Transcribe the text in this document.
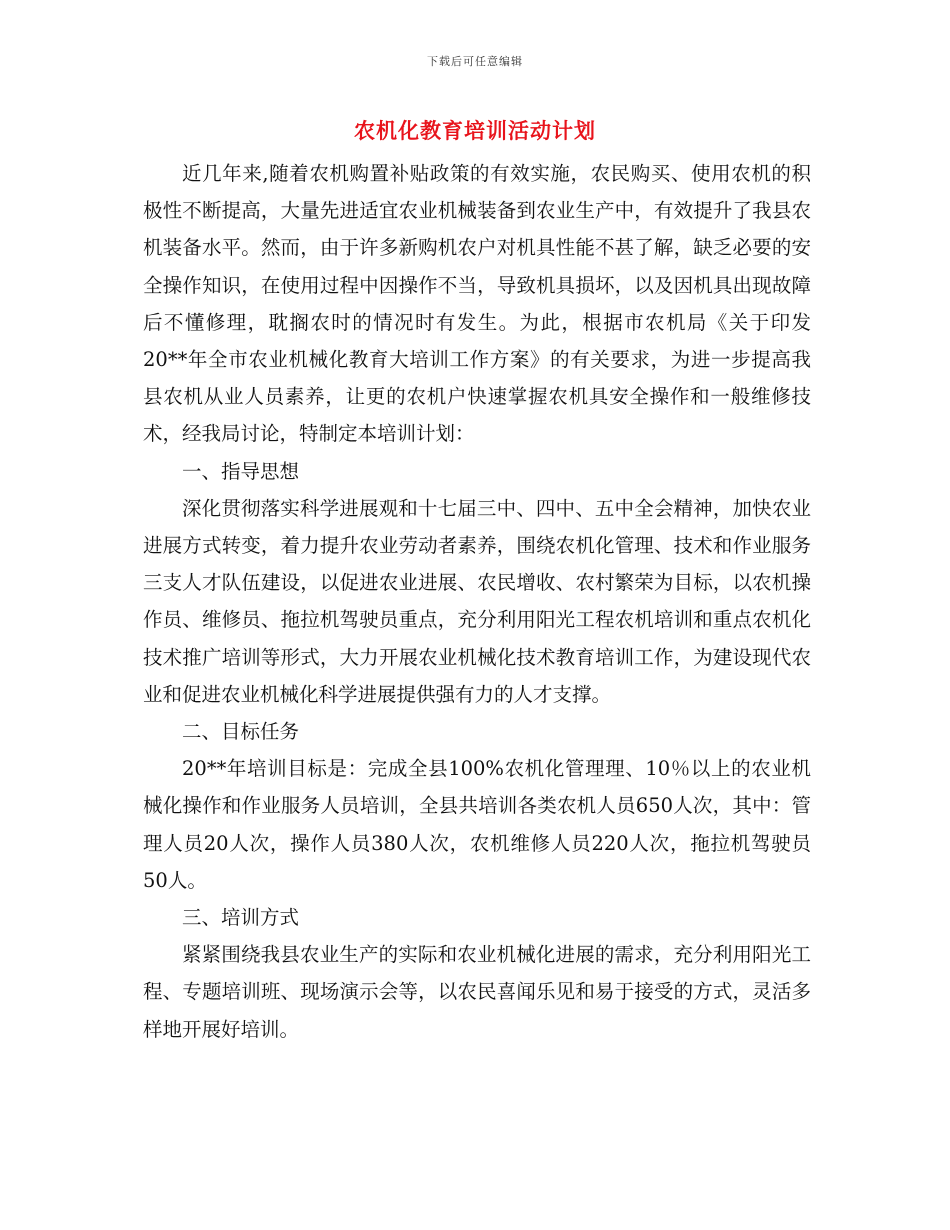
下载后可任意编辑
农机化教育培训活动计划

近几年来,随着农机购置补贴政策的有效实施，农民购买、使用农机的积极性不断提高，大量先进适宜农业机械装备到农业生产中，有效提升了我县农机装备水平。然而，由于许多新购机农户对机具性能不甚了解，缺乏必要的安全操作知识，在使用过程中因操作不当，导致机具损坏，以及因机具出现故障后不懂修理，耽搁农时的情况时有发生。为此，根据市农机局《关于印发20**年全市农业机械化教育大培训工作方案》的有关要求，为进一步提高我县农机从业人员素养，让更的农机户快速掌握农机具安全操作和一般维修技术，经我局讨论，特制定本培训计划：

一、指导思想

深化贯彻落实科学进展观和十七届三中、四中、五中全会精神，加快农业进展方式转变，着力提升农业劳动者素养，围绕农机化管理、技术和作业服务三支人才队伍建设，以促进农业进展、农民增收、农村繁荣为目标，以农机操作员、维修员、拖拉机驾驶员重点，充分利用阳光工程农机培训和重点农机化技术推广培训等形式，大力开展农业机械化技术教育培训工作，为建设现代农业和促进农业机械化科学进展提供强有力的人才支撑。

二、目标任务

20**年培训目标是：完成全县100%农机化管理理、10％以上的农业机械化操作和作业服务人员培训，全县共培训各类农机人员650人次，其中：管理人员20人次，操作人员380人次，农机维修人员220人次，拖拉机驾驶员50人。

三、培训方式

紧紧围绕我县农业生产的实际和农业机械化进展的需求，充分利用阳光工程、专题培训班、现场演示会等，以农民喜闻乐见和易于接受的方式，灵活多样地开展好培训。
